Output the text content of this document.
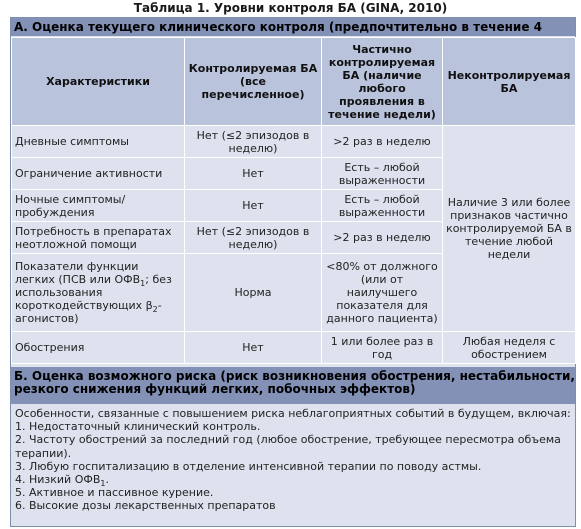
Таблица 1. Уровни контроля БА (GINA, 2010)
А. Оценка текущего клинического контроля (предпочтительно в течение 4
Характеристики	Контролируемая БА (все перечисленное)	Частично контролируемая БА (наличие любого проявления в течение недели)	Неконтролируемая БА
Дневные симптомы	Нет (≤2 эпизодов в неделю)	>2 раз в неделю	Наличие 3 или более признаков частично контролируемой БА в течение любой недели
Ограничение активности	Нет	Есть – любой выраженности	
Ночные симптомы/ пробуждения	Нет	Есть – любой выраженности	
Потребность в препаратах неотложной помощи	Нет (≤2 эпизодов в неделю)	>2 раз в неделю	
Показатели функции легких (ПСВ или $ОФВ_1$; без использования короткодействующих $\beta_2-агонистов$)	Норма	<80% от должного (или от наилучшего показателя для данного пациента)	
Обострения	Нет	1 или более раз в год	Любая неделя с обострением
Б. Оценка возможного риска (риск возникновения обострения, нестабильности, резкого снижения функций легких, побочных эффектов)
Особенности, связанные с повышением риска неблагоприятных событий в будущем, включая:
1. Недостаточный клинический контроль.
2. Частоту обострений за последний год (любое обострение, требующее пересмотра объема терапии).
3. Любую госпитализацию в отделение интенсивной терапии по поводу астмы.
4. Низкий $ОФВ_1$.
5. Активное и пассивное курение.
6. Высокие дозы лекарственных препаратов
